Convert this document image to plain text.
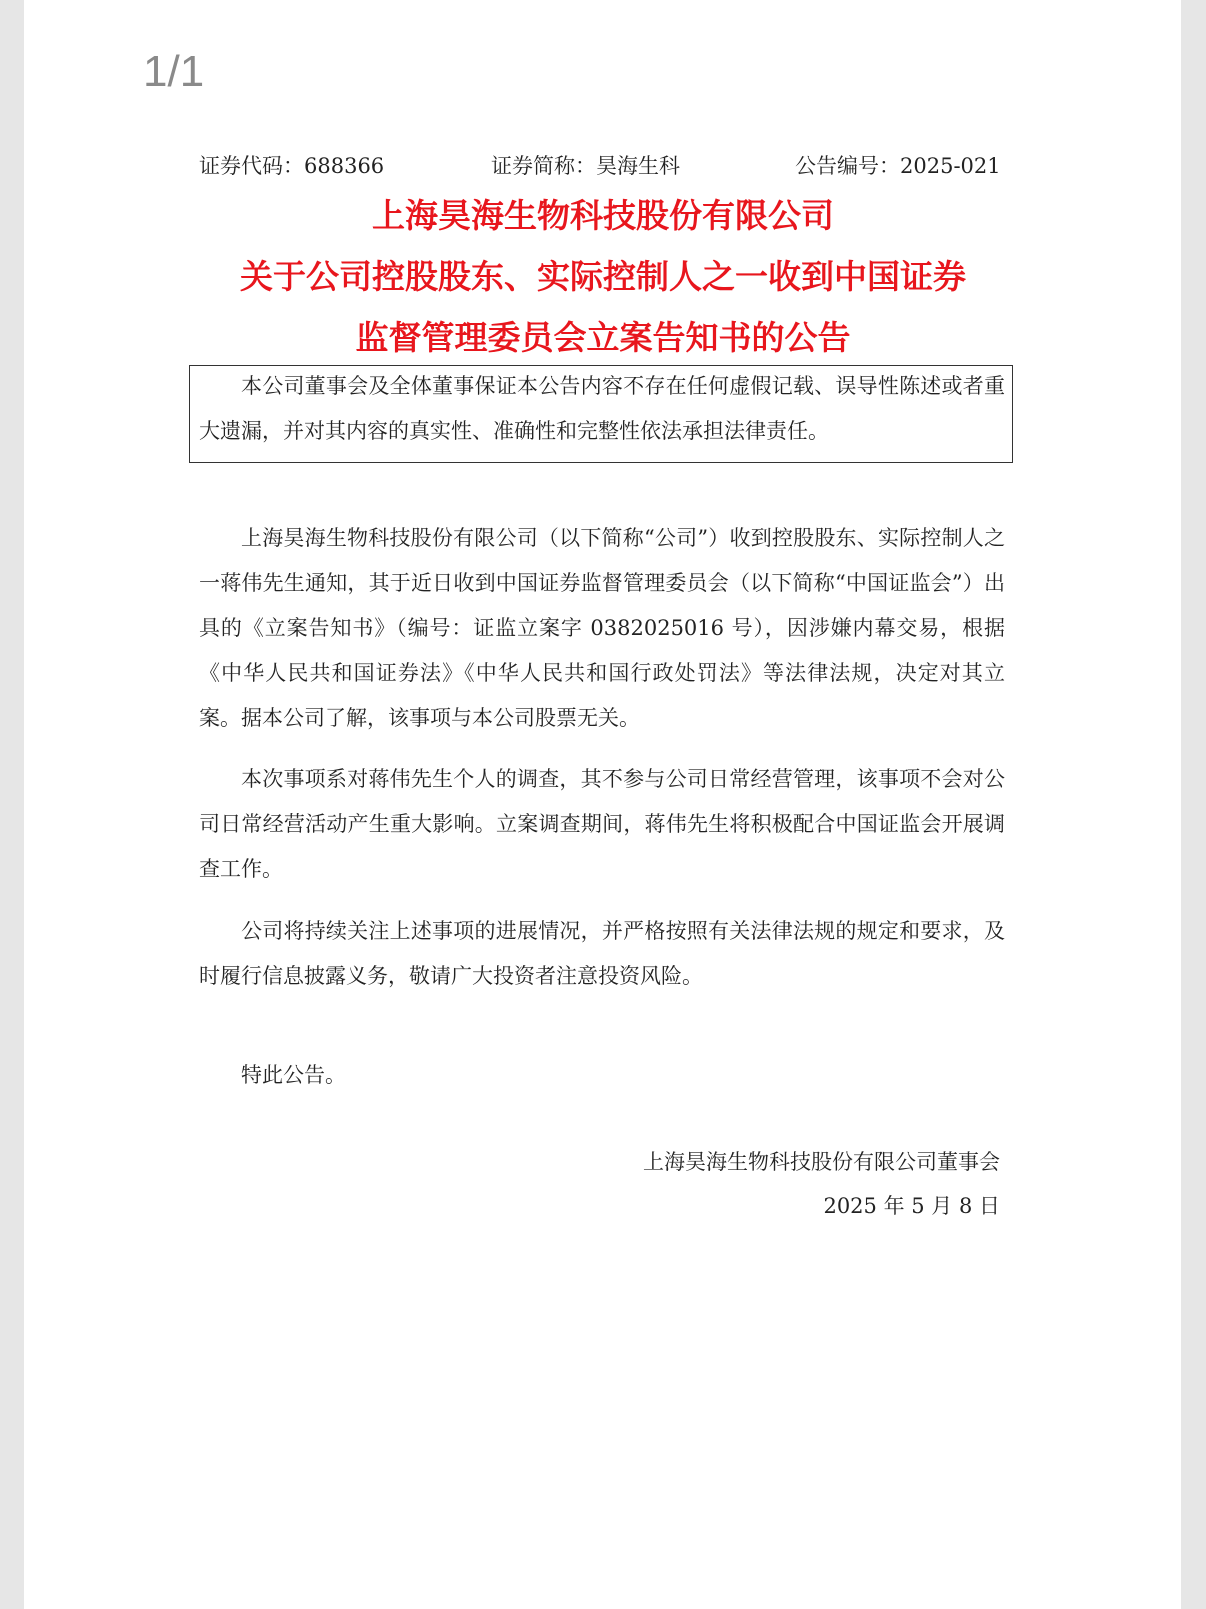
1/1
证券代码：688366	证券简称：昊海生科	公告编号：2025-021
上海昊海生物科技股份有限公司
关于公司控股股东、实际控制人之一收到中国证券
监督管理委员会立案告知书的公告

本公司董事会及全体董事保证本公告内容不存在任何虚假记载、误导性陈述或者重大遗漏，并对其内容的真实性、准确性和完整性依法承担法律责任。

上海昊海生物科技股份有限公司（以下简称“公司”）收到控股股东、实际控制人之一蒋伟先生通知，其于近日收到中国证券监督管理委员会（以下简称“中国证监会”）出具的《立案告知书》（编号：证监立案字 0382025016 号），因涉嫌内幕交易，根据《中华人民共和国证券法》《中华人民共和国行政处罚法》等法律法规，决定对其立案。据本公司了解，该事项与本公司股票无关。

本次事项系对蒋伟先生个人的调查，其不参与公司日常经营管理，该事项不会对公司日常经营活动产生重大影响。立案调查期间，蒋伟先生将积极配合中国证监会开展调查工作。

公司将持续关注上述事项的进展情况，并严格按照有关法律法规的规定和要求，及时履行信息披露义务，敬请广大投资者注意投资风险。

特此公告。

上海昊海生物科技股份有限公司董事会
2025 年 5 月 8 日
